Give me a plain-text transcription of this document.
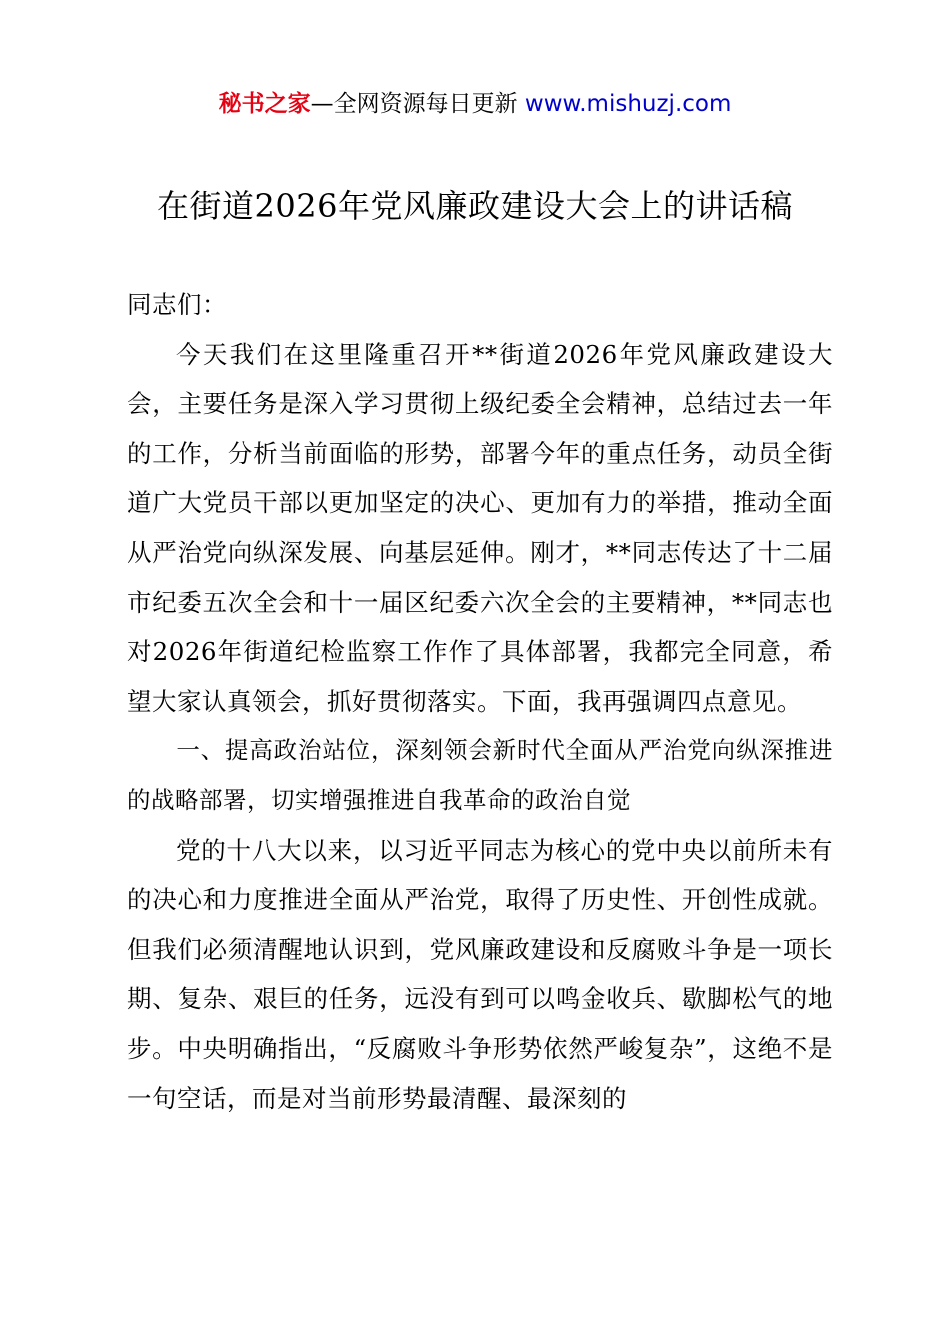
秘书之家—全网资源每日更新 www.mishuzj.com
在街道2026年党风廉政建设大会上的讲话稿

同志们：

今天我们在这里隆重召开**街道2026年党风廉政建设大会，主要任务是深入学习贯彻上级纪委全会精神，总结过去一年的工作，分析当前面临的形势，部署今年的重点任务，动员全街道广大党员干部以更加坚定的决心、更加有力的举措，推动全面从严治党向纵深发展、向基层延伸。刚才，**同志传达了十二届市纪委五次全会和十一届区纪委六次全会的主要精神，**同志也对2026年街道纪检监察工作作了具体部署，我都完全同意，希望大家认真领会，抓好贯彻落实。下面，我再强调四点意见。

一、提高政治站位，深刻领会新时代全面从严治党向纵深推进的战略部署，切实增强推进自我革命的政治自觉

党的十八大以来，以习近平同志为核心的党中央以前所未有的决心和力度推进全面从严治党，取得了历史性、开创性成就。但我们必须清醒地认识到，党风廉政建设和反腐败斗争是一项长期、复杂、艰巨的任务，远没有到可以鸣金收兵、歇脚松气的地步。中央明确指出，“反腐败斗争形势依然严峻复杂”，这绝不是一句空话，而是对当前形势最清醒、最深刻的
